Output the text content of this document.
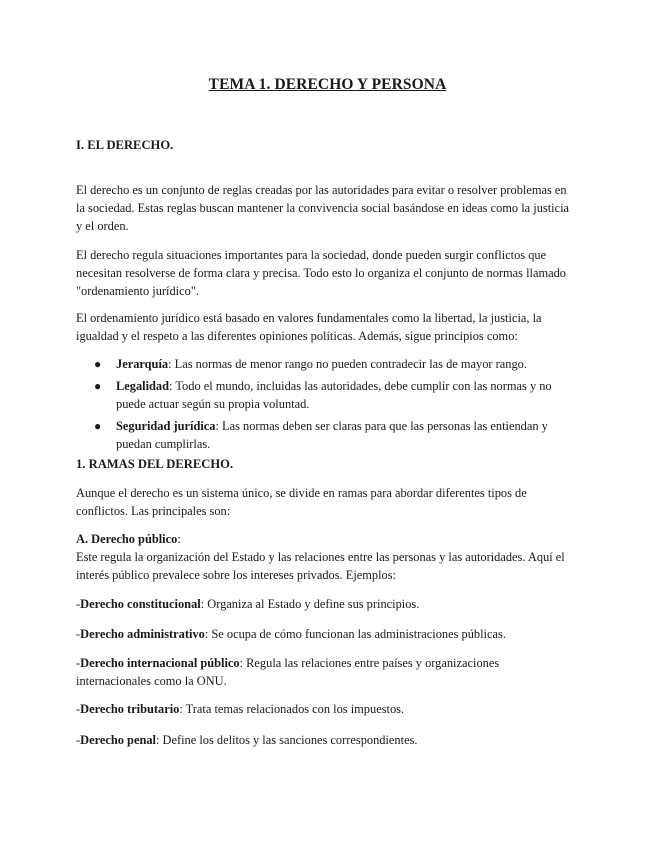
TEMA 1. DERECHO Y PERSONA
I. EL DERECHO.

El derecho es un conjunto de reglas creadas por las autoridades para evitar o resolver problemas en la sociedad. Estas reglas buscan mantener la convivencia social basándose en ideas como la justicia y el orden.

El derecho regula situaciones importantes para la sociedad, donde pueden surgir conflictos que necesitan resolverse de forma clara y precisa. Todo esto lo organiza el conjunto de normas llamado "ordenamiento jurídico".

El ordenamiento jurídico está basado en valores fundamentales como la libertad, la justicia, la igualdad y el respeto a las diferentes opiniones políticas. Además, sigue principios como:

● Jerarquía: Las normas de menor rango no pueden contradecir las de mayor rango.
● Legalidad: Todo el mundo, incluidas las autoridades, debe cumplir con las normas y no puede actuar según su propia voluntad.
● Seguridad jurídica: Las normas deben ser claras para que las personas las entiendan y puedan cumplirlas.
1. RAMAS DEL DERECHO.

Aunque el derecho es un sistema único, se divide en ramas para abordar diferentes tipos de conflictos. Las principales son:

A. Derecho público:
Este regula la organización del Estado y las relaciones entre las personas y las autoridades. Aquí el interés público prevalece sobre los intereses privados. Ejemplos:
-Derecho constitucional: Organiza al Estado y define sus principios.
-Derecho administrativo: Se ocupa de cómo funcionan las administraciones públicas.
-Derecho internacional público: Regula las relaciones entre países y organizaciones internacionales como la ONU.
-Derecho tributario: Trata temas relacionados con los impuestos.
-Derecho penal: Define los delitos y las sanciones correspondientes.
